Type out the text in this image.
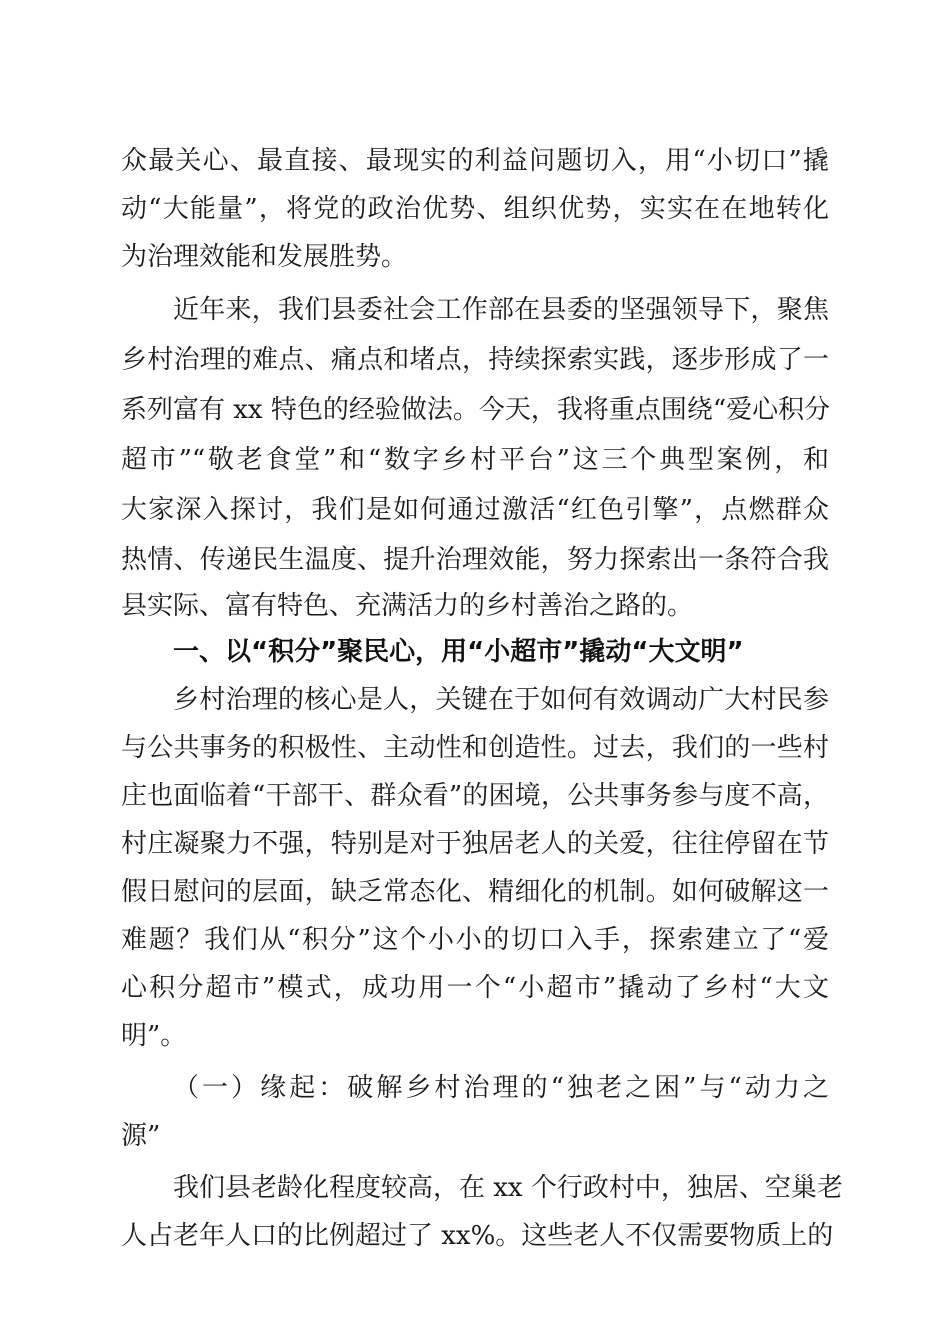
众最关心、最直接、最现实的利益问题切入，用“小切口”撬
动“大能量”，将党的政治优势、组织优势，实实在在地转化
为治理效能和发展胜势。
近年来，我们县委社会工作部在县委的坚强领导下，聚焦
乡村治理的难点、痛点和堵点，持续探索实践，逐步形成了一
系列富有 xx 特色的经验做法。今天，我将重点围绕“爱心积分
超市”“敬老食堂”和“数字乡村平台”这三个典型案例，和
大家深入探讨，我们是如何通过激活“红色引擎”，点燃群众
热情、传递民生温度、提升治理效能，努力探索出一条符合我
县实际、富有特色、充满活力的乡村善治之路的。
一、以“积分”聚民心，用“小超市”撬动“大文明”
乡村治理的核心是人，关键在于如何有效调动广大村民参
与公共事务的积极性、主动性和创造性。过去，我们的一些村
庄也面临着“干部干、群众看”的困境，公共事务参与度不高，
村庄凝聚力不强，特别是对于独居老人的关爱，往往停留在节
假日慰问的层面，缺乏常态化、精细化的机制。如何破解这一
难题？我们从“积分”这个小小的切口入手，探索建立了“爱
心积分超市”模式，成功用一个“小超市”撬动了乡村“大文
明”。
（一）缘起：破解乡村治理的“独老之困”与“动力之
源”
我们县老龄化程度较高，在 xx 个行政村中，独居、空巢老
人占老年人口的比例超过了 xx%。这些老人不仅需要物质上的
